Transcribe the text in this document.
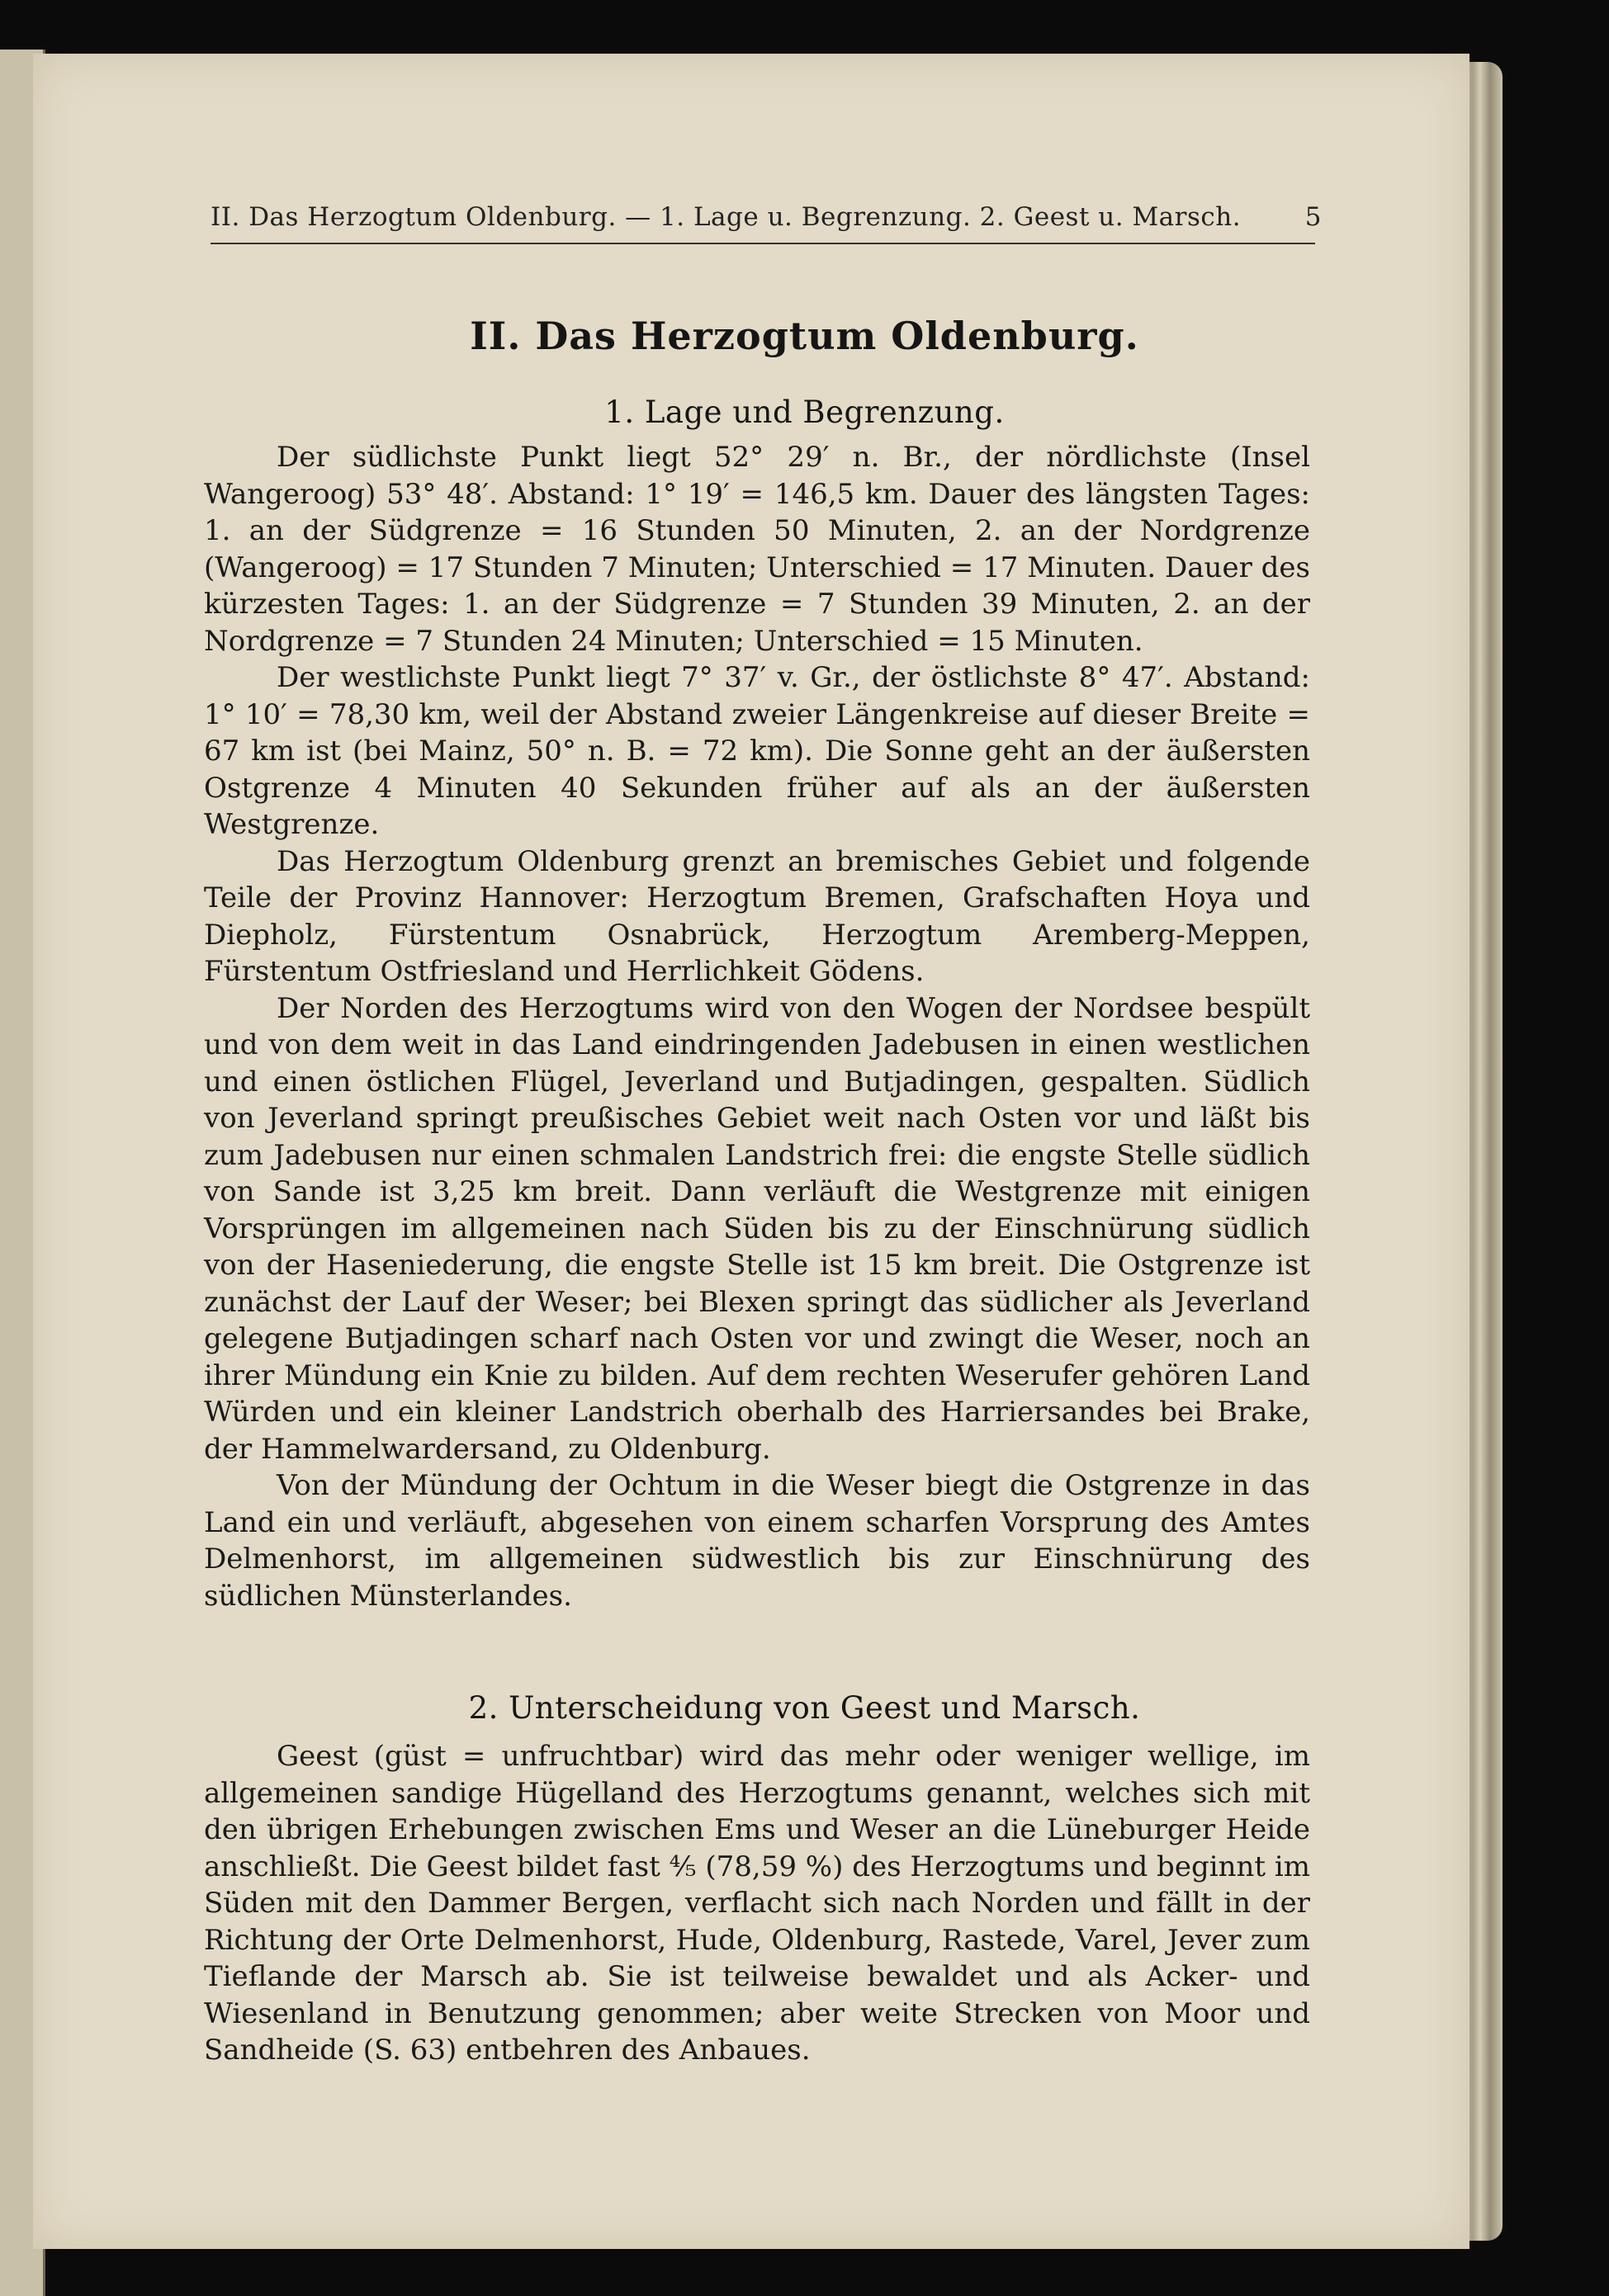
II. Das Herzogtum Oldenburg. — 1. Lage u. Begrenzung. 2. Geest u. Marsch.	5
II. Das Herzogtum Oldenburg.
1. Lage und Begrenzung.

Der südlichste Punkt liegt 52° 29′ n. Br., der nördlichste (Insel Wangeroog) 53° 48′. Abstand: 1° 19′ = 146,5 km. Dauer des längsten Tages: 1. an der Südgrenze = 16 Stunden 50 Minuten, 2. an der Nordgrenze (Wangeroog) = 17 Stunden 7 Minuten; Unterschied = 17 Minuten. Dauer des kürzesten Tages: 1. an der Südgrenze = 7 Stunden 39 Minuten, 2. an der Nordgrenze = 7 Stunden 24 Minuten; Unterschied = 15 Minuten.

Der westlichste Punkt liegt 7° 37′ v. Gr., der östlichste 8° 47′. Abstand: 1° 10′ = 78,30 km, weil der Abstand zweier Längenkreise auf dieser Breite = 67 km ist (bei Mainz, 50° n. B. = 72 km). Die Sonne geht an der äußersten Ostgrenze 4 Minuten 40 Sekunden früher auf als an der äußersten Westgrenze.

Das Herzogtum Oldenburg grenzt an bremisches Gebiet und folgende Teile der Provinz Hannover: Herzogtum Bremen, Grafschaften Hoya und Diepholz, Fürstentum Osnabrück, Herzogtum Aremberg-Meppen, Fürstentum Ostfriesland und Herrlichkeit Gödens.

Der Norden des Herzogtums wird von den Wogen der Nordsee bespült und von dem weit in das Land eindringenden Jadebusen in einen westlichen und einen östlichen Flügel, Jeverland und Butjadingen, gespalten. Südlich von Jeverland springt preußisches Gebiet weit nach Osten vor und läßt bis zum Jadebusen nur einen schmalen Landstrich frei: die engste Stelle südlich von Sande ist 3,25 km breit. Dann verläuft die Westgrenze mit einigen Vorsprüngen im allgemeinen nach Süden bis zu der Einschnürung südlich von der Haseniederung, die engste Stelle ist 15 km breit. Die Ostgrenze ist zunächst der Lauf der Weser; bei Blexen springt das südlicher als Jeverland gelegene Butjadingen scharf nach Osten vor und zwingt die Weser, noch an ihrer Mündung ein Knie zu bilden. Auf dem rechten Weserufer gehören Land Würden und ein kleiner Landstrich oberhalb des Harriersandes bei Brake, der Hammelwardersand, zu Oldenburg.

Von der Mündung der Ochtum in die Weser biegt die Ostgrenze in das Land ein und verläuft, abgesehen von einem scharfen Vorsprung des Amtes Delmenhorst, im allgemeinen südwestlich bis zur Einschnürung des südlichen Münsterlandes.

2. Unterscheidung von Geest und Marsch.

Geest (güst = unfruchtbar) wird das mehr oder weniger wellige, im allgemeinen sandige Hügelland des Herzogtums genannt, welches sich mit den übrigen Erhebungen zwischen Ems und Weser an die Lüneburger Heide anschließt. Die Geest bildet fast ⁴⁄₅ (78,59 %) des Herzogtums und beginnt im Süden mit den Dammer Bergen, verflacht sich nach Norden und fällt in der Richtung der Orte Delmenhorst, Hude, Oldenburg, Rastede, Varel, Jever zum Tieflande der Marsch ab. Sie ist teilweise bewaldet und als Acker- und Wiesenland in Benutzung genommen; aber weite Strecken von Moor und Sandheide (S. 63) entbehren des Anbaues.
